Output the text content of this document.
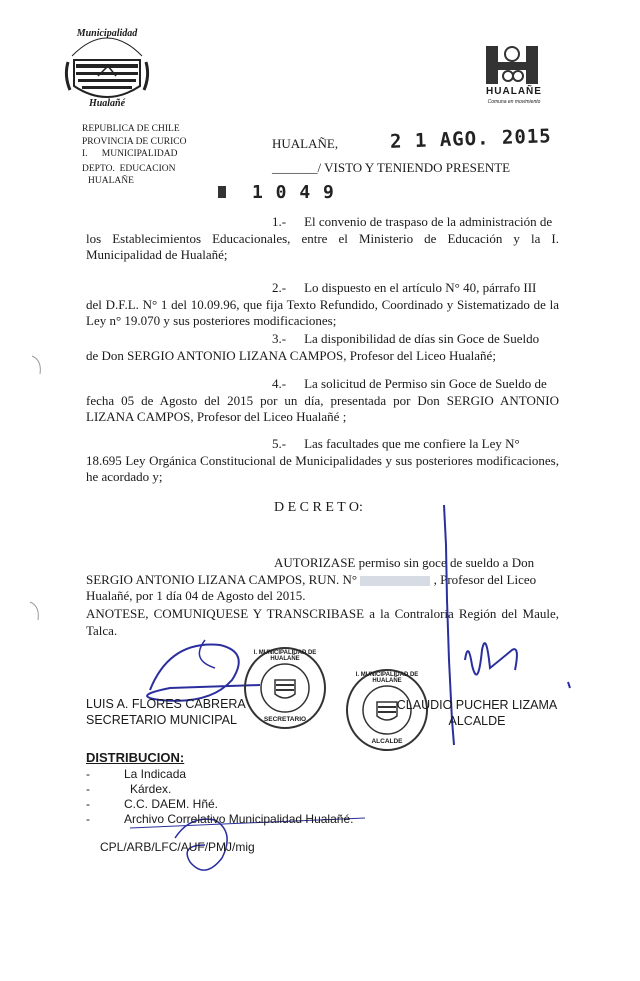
Municipalidad
Hualañé
HUALAÑE
Comuna en movimiento
REPUBLICA DE CHILE
PROVINCIA DE CURICO
I.      MUNICIPALIDAD
DEPTO.  EDUCACION
HUALAÑE
HUALAÑE,	2 1 AGO. 2015
_______/ VISTO Y TENIENDO PRESENTE
1 0 4 9
1.- El convenio de traspaso de la administración de
los Establecimientos Educacionales, entre el Ministerio de Educación y la I. Municipalidad de Hualañé;
2.- Lo dispuesto en el artículo N° 40, párrafo III
del D.F.L. N° 1 del 10.09.96, que fija Texto Refundido, Coordinado y Sistematizado de la Ley n° 19.070 y sus posteriores modificaciones;
3.- La disponibilidad de días sin Goce de Sueldo
de Don SERGIO ANTONIO LIZANA CAMPOS, Profesor del Liceo Hualañé;
4.- La solicitud de Permiso sin Goce de Sueldo de
fecha 05 de Agosto del 2015 por un día, presentada por Don SERGIO ANTONIO LIZANA CAMPOS, Profesor del Liceo Hualañé ;
5.- Las facultades que me confiere la Ley N°
18.695 Ley Orgánica Constitucional de Municipalidades y sus posteriores modificaciones, he acordado y;
D E C R E T O:
AUTORIZASE permiso sin goce de sueldo a Don
SERGIO ANTONIO LIZANA CAMPOS, RUN. N°	, Profesor del Liceo
Hualañé, por 1 día 04 de Agosto del 2015.
ANOTESE, COMUNIQUESE Y TRANSCRIBASE a la Contraloría Región del Maule, Talca.
I. MUNICIPALIDAD DE HUALAÑE
SECRETARIO
I. MUNICIPALIDAD DE HUALAÑE
ALCALDE
LUIS A. FLORES CABRERA
SECRETARIO MUNICIPAL
CLAUDIO PUCHER LIZAMA
ALCALDE
DISTRIBUCION:
-	La Indicada
-	Kárdex.
-	C.C. DAEM. Hñé.
-	Archivo Correlativo Municipalidad Hualañé.
CPL/ARB/LFC/AUF/PMJ/mig
